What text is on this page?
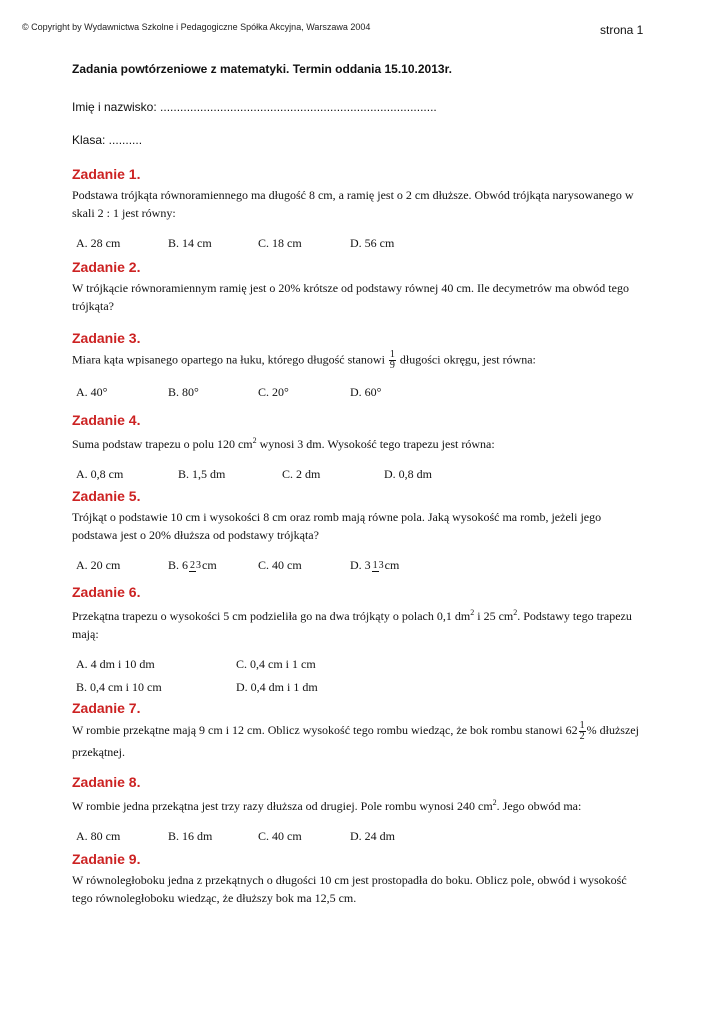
© Copyright by Wydawnictwa Szkolne i Pedagogiczne Spółka Akcyjna, Warszawa 2004	strona 1
Zadania powtórzeniowe z matematyki. Termin oddania 15.10.2013r.
Imię i nazwisko: ...................................................................................
Klasa: ..........
Zadanie 1.

Podstawa trójkąta równoramiennego ma długość 8 cm, a ramię jest o 2 cm dłuższe. Obwód trójkąta narysowanego w skali 2 : 1 jest równy:

A. 28 cm	B. 14 cm	C. 18 cm	D. 56 cm
Zadanie 2.

W trójkącie równoramiennym ramię jest o 20% krótsze od podstawy równej 40 cm. Ile decymetrów ma obwód tego trójkąta?

Zadanie 3.

Miara kąta wpisanego opartego na łuku, którego długość stanowi $\frac{1}{9}$ długości okręgu, jest równa:

A. 40°	B. 80°	C. 20°	D. 60°
Zadanie 4.

Suma podstaw trapezu o polu 120 $cm^2$ wynosi 3 dm. Wysokość tego trapezu jest równa:

A. 0,8 cm	B. 1,5 dm	C. 2 dm	D. 0,8 dm
Zadanie 5.

Trójkąt o podstawie 10 cm i wysokości 8 cm oraz romb mają równe pola. Jaką wysokość ma romb, jeżeli jego podstawa jest o 20% dłuższa od podstawy trójkąta?

A. 20 cm	B. 6 23cm	C. 40 cm	D. 3 13cm
Zadanie 6.

Przekątna trapezu o wysokości 5 cm podzieliła go na dwa trójkąty o polach 0,1 $dm^2$ i 25 $cm^2$. Podstawy tego trapezu mają:

A. 4 dm i 10 dm	C. 0,4 cm i 1 cm
B. 0,4 cm i 10 cm	D. 0,4 dm i 1 dm
Zadanie 7.

W rombie przekątne mają 9 cm i 12 cm. Oblicz wysokość tego rombu wiedząc, że bok rombu stanowi $62 \frac{1}{2}$ % dłuższej przekątnej.

Zadanie 8.

W rombie jedna przekątna jest trzy razy dłuższa od drugiej. Pole rombu wynosi 240 $cm^2$. Jego obwód ma:

A. 80 cm	B. 16 dm	C. 40 cm	D. 24 dm
Zadanie 9.

W równoległoboku jedna z przekątnych o długości 10 cm jest prostopadła do boku. Oblicz pole, obwód i wysokość tego równoległoboku wiedząc, że dłuższy bok ma 12,5 cm.
